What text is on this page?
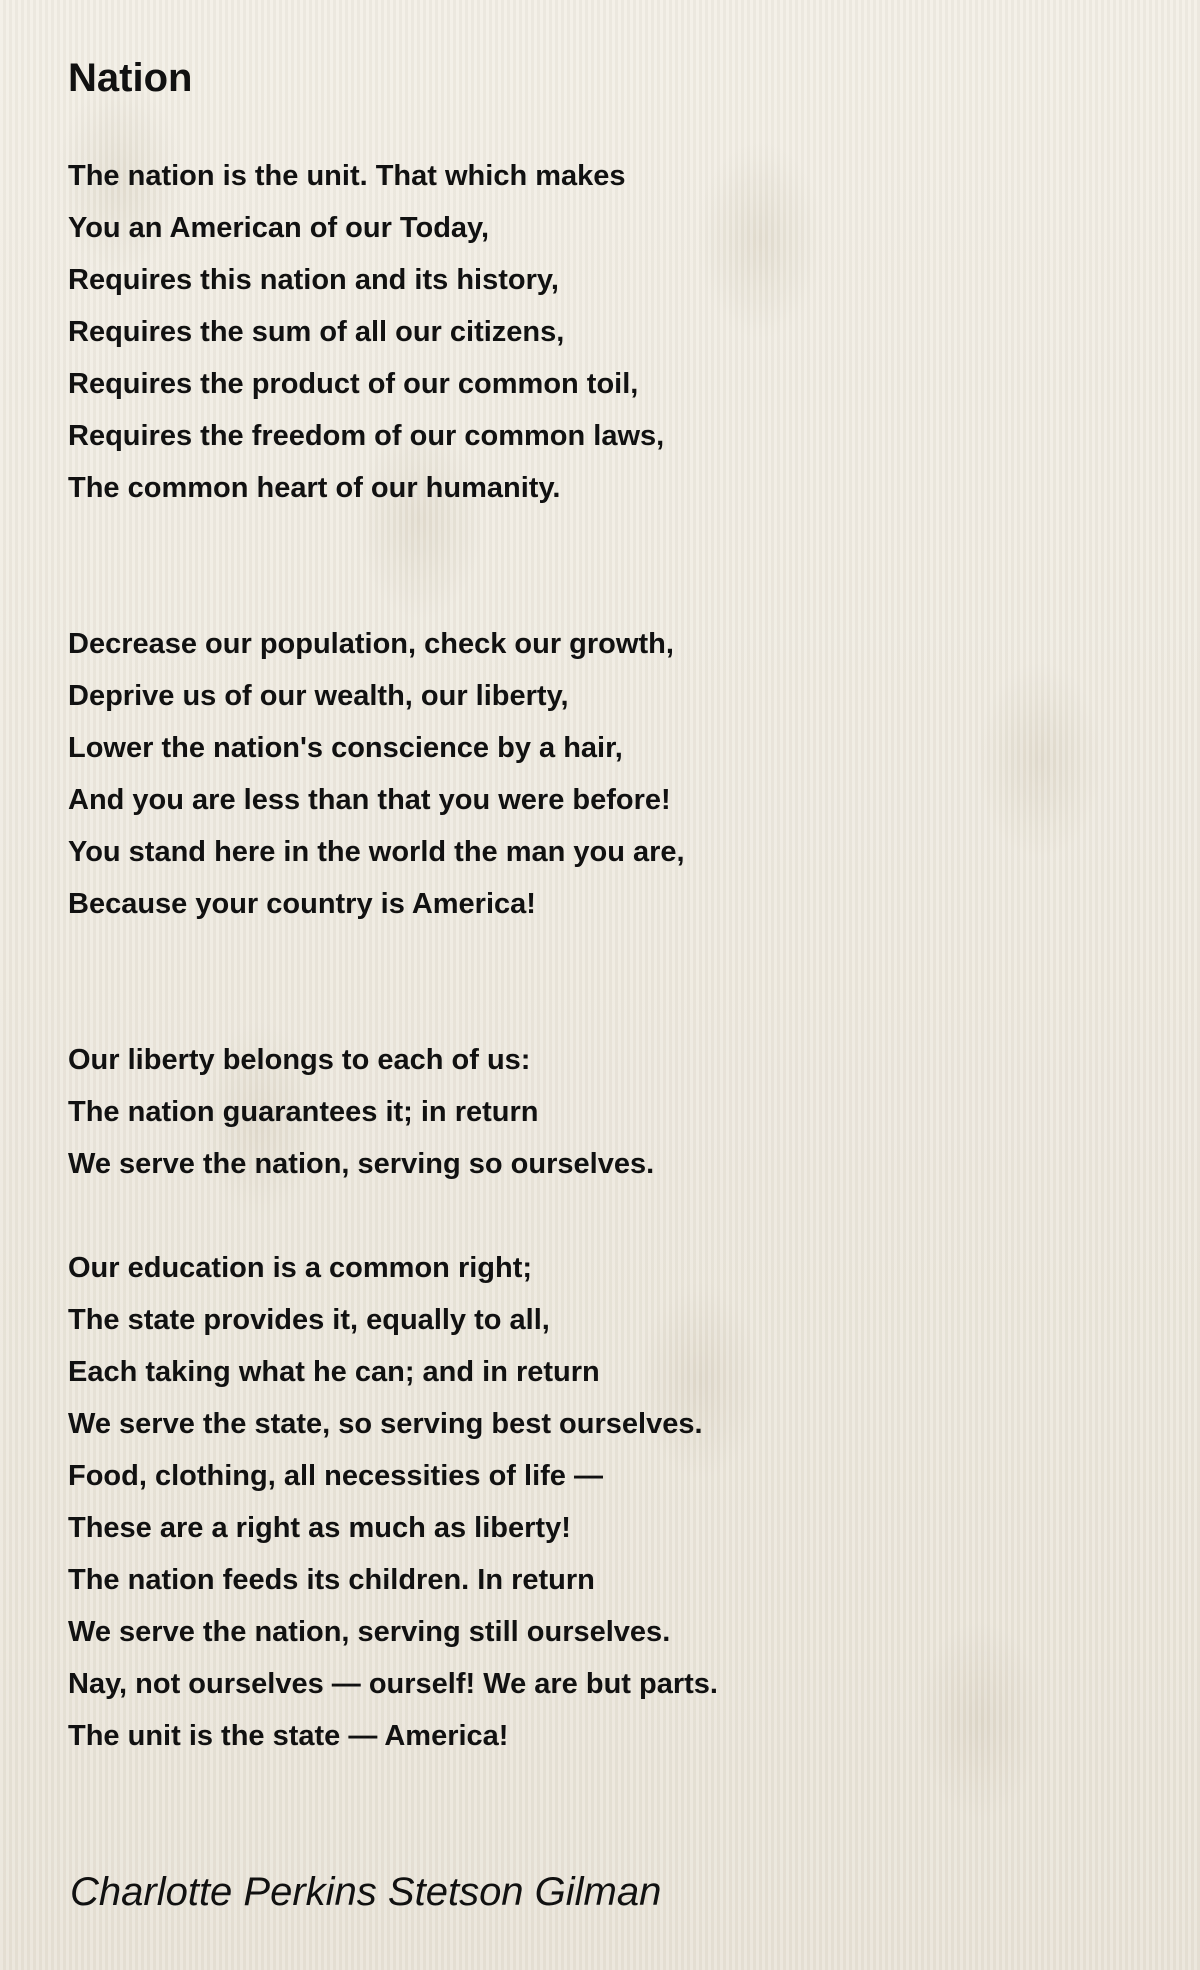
Nation
The nation is the unit. That which makes
You an American of our Today,
Requires this nation and its history,
Requires the sum of all our citizens,
Requires the product of our common toil,
Requires the freedom of our common laws,
The common heart of our humanity.
Decrease our population, check our growth,
Deprive us of our wealth, our liberty,
Lower the nation's conscience by a hair,
And you are less than that you were before!
You stand here in the world the man you are,
Because your country is America!
Our liberty belongs to each of us:
The nation guarantees it; in return
We serve the nation, serving so ourselves.
Our education is a common right;
The state provides it, equally to all,
Each taking what he can; and in return
We serve the state, so serving best ourselves.
Food, clothing, all necessities of life —
These are a right as much as liberty!
The nation feeds its children. In return
We serve the nation, serving still ourselves.
Nay, not ourselves — ourself! We are but parts.
The unit is the state — America!
Charlotte Perkins Stetson Gilman
